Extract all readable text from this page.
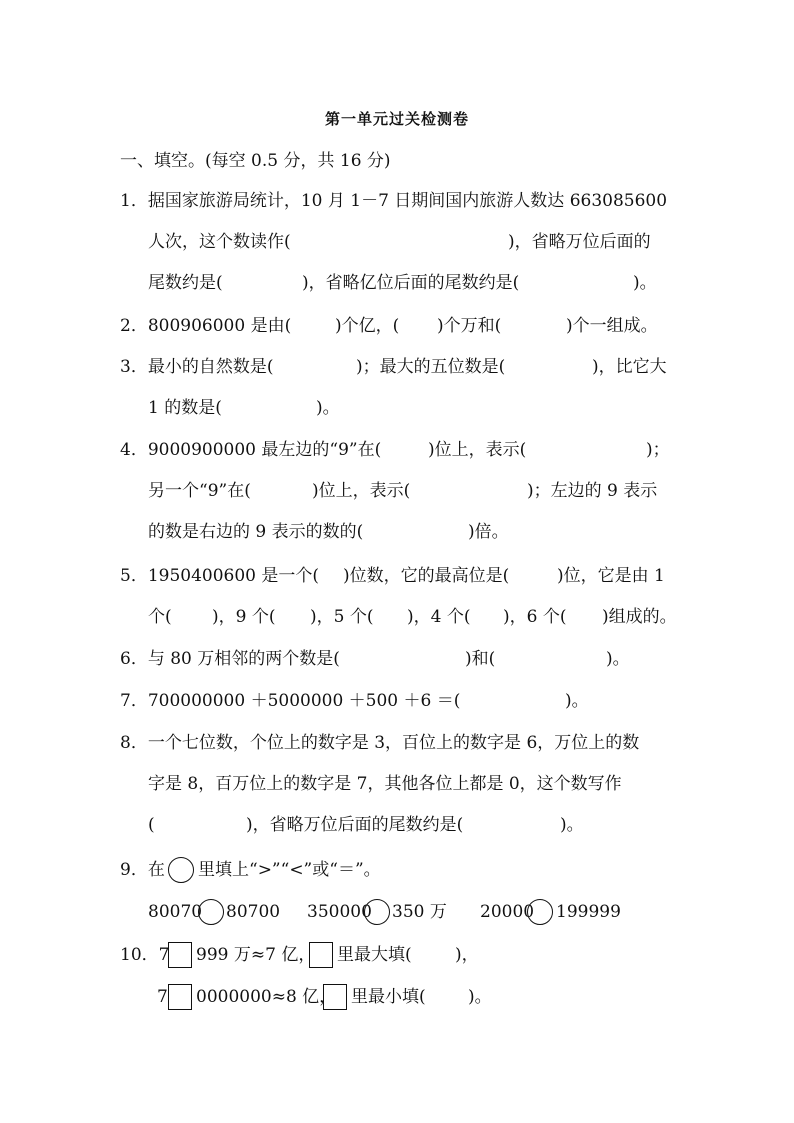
第一单元过关检测卷
一、填空。(每空 0.5 分，共 16 分)
1．据国家旅游局统计，10 月 1－7 日期间国内旅游人数达 663085600
人次，这个数读作(	)，省略万位后面的
尾数约是(	)，省略亿位后面的尾数约是(	)。
2．800906000 是由(	)个亿，( )个万和(	)个一组成。
3．最小的自然数是(	)；最大的五位数是(	)，比它大
1 的数是(	)。
4．9000900000 最左边的“9”在(	)位上，表示(	)；
另一个“9”在(	)位上，表示(	)；左边的 9 表示
的数是右边的 9 表示的数的(	)倍。
5．1950400600 是一个( )位数，它的最高位是(	)位，它是由 1
个( )，9 个( )，5 个( )，4 个( )，6 个( )组成的。
6．与 80 万相邻的两个数是(	)和(	)。
7．700000000 ＋5000000 ＋500 ＋6 ＝(	)。
8．一个七位数，个位上的数字是 3，百位上的数字是 6，万位上的数
字是 8，百万位上的数字是 7，其他各位上都是 0，这个数写作
(	)，省略万位后面的尾数约是(	)。
9．在 里填上“>”“<”或“＝”。
80070 80700 350000 350 万 20000 199999
10．7 999 万≈7 亿， 里最大填(	)，
7 0000000≈8 亿， 里最小填( )。
